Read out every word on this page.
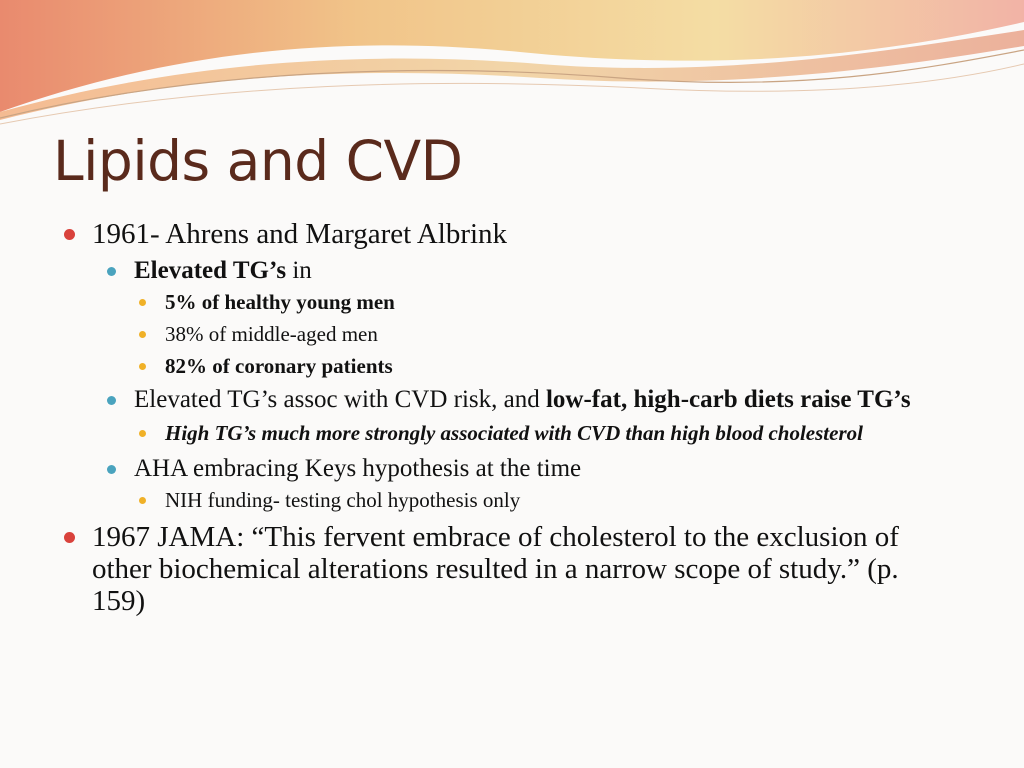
Lipids and CVD
1961- Ahrens and Margaret Albrink
Elevated TG’s in
5% of healthy young men
38% of middle-aged men
82% of coronary patients
Elevated TG’s assoc with CVD risk, and low-fat, high-carb diets raise TG’s
High TG’s much more strongly associated with CVD than high blood cholesterol
AHA embracing Keys hypothesis at the time
NIH funding- testing chol hypothesis only
1967 JAMA: “This fervent embrace of cholesterol to the exclusion of other biochemical alterations resulted in a narrow scope of study.” (p. 159)
